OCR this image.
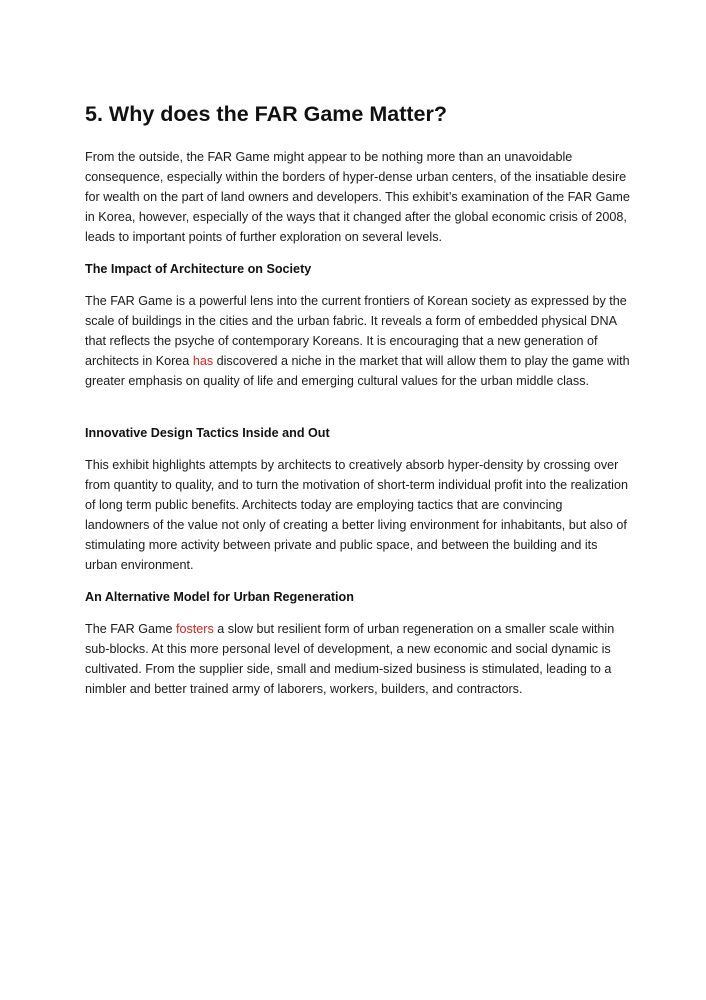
5. Why does the FAR Game Matter?

From the outside, the FAR Game might appear to be nothing more than an unavoidable consequence, especially within the borders of hyper-dense urban centers, of the insatiable desire for wealth on the part of land owners and developers. This exhibit’s examination of the FAR Game in Korea, however, especially of the ways that it changed after the global economic crisis of 2008, leads to important points of further exploration on several levels.

The Impact of Architecture on Society

The FAR Game is a powerful lens into the current frontiers of Korean society as expressed by the scale of buildings in the cities and the urban fabric. It reveals a form of embedded physical DNA that reflects the psyche of contemporary Koreans. It is encouraging that a new generation of architects in Korea has discovered a niche in the market that will allow them to play the game with greater emphasis on quality of life and emerging cultural values for the urban middle class.

Innovative Design Tactics Inside and Out

This exhibit highlights attempts by architects to creatively absorb hyper-density by crossing over from quantity to quality, and to turn the motivation of short-term individual profit into the realization of long term public benefits. Architects today are employing tactics that are convincing landowners of the value not only of creating a better living environment for inhabitants, but also of stimulating more activity between private and public space, and between the building and its urban environment.

An Alternative Model for Urban Regeneration

The FAR Game fosters a slow but resilient form of urban regeneration on a smaller scale within sub-blocks. At this more personal level of development, a new economic and social dynamic is cultivated. From the supplier side, small and medium-sized business is stimulated, leading to a nimbler and better trained army of laborers, workers, builders, and contractors.
